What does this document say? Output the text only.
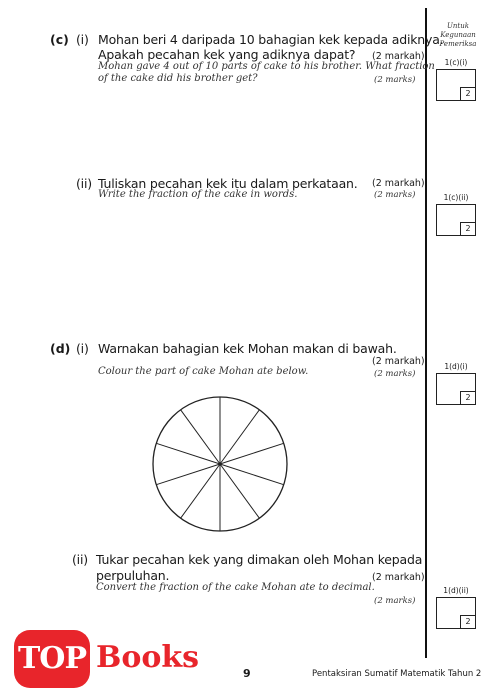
Untuk
Kegunaan
Pemeriksa
1(c)(i)
2
1(c)(ii)
2
1(d)(i)
2
1(d)(ii)
2
(c) (i) Mohan beri 4 daripada 10 bahagian kek kepada adiknya.
Apakah pecahan kek yang adiknya dapat? (2 markah)
Mohan gave 4 out of 10 parts of cake to his brother. What fraction
of the cake did his brother get?	(2 marks)
(ii) Tuliskan pecahan kek itu dalam perkataan. (2 markah)
Write the fraction of the cake in words.	(2 marks)
(d) (i) Warnakan bahagian kek Mohan makan di bawah.
(2 markah)
Colour the part of cake Mohan ate below.	(2 marks)
(ii) Tukar pecahan kek yang dimakan oleh Mohan kepada
perpuluhan.	(2 markah)
Convert the fraction of the cake Mohan ate to decimal.
(2 marks)
9	Pentaksiran Sumatif Matematik Tahun 2
TOP Books
